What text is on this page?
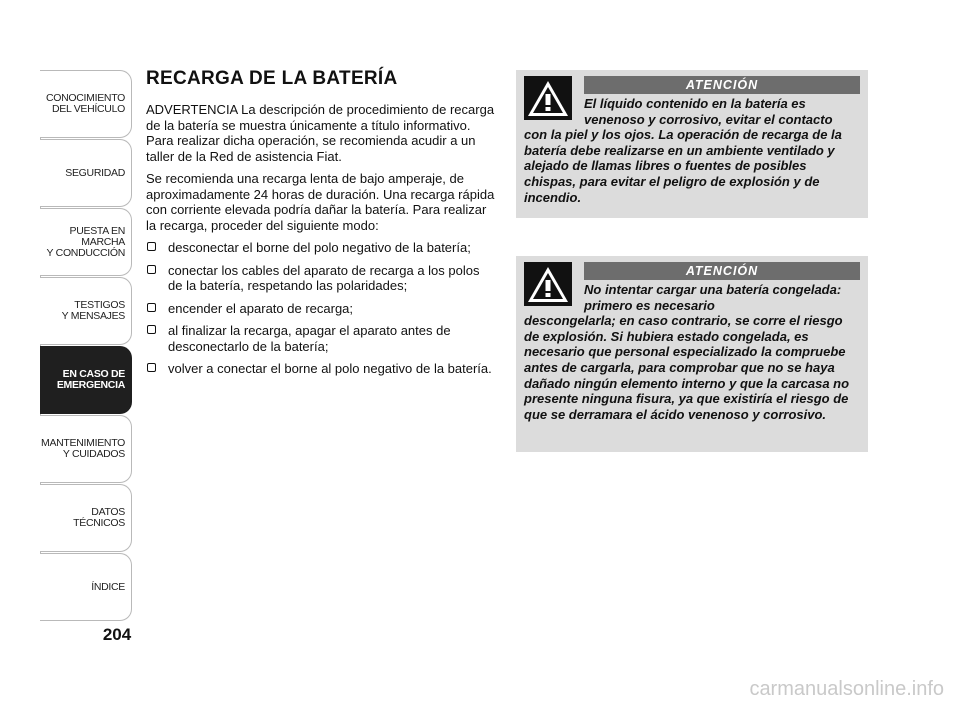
CONOCIMIENTO
DEL VEHÍCULO
SEGURIDAD
PUESTA EN
MARCHA
Y CONDUCCIÓN
TESTIGOS
Y MENSAJES
EN CASO DE
EMERGENCIA
MANTENIMIENTO
Y CUIDADOS
DATOS
TÉCNICOS
ÍNDICE
204
RECARGA DE LA BATERÍA

ADVERTENCIA La descripción de procedimiento de recarga de la batería se muestra únicamente a título informativo. Para realizar dicha operación, se recomienda acudir a un taller de la Red de asistencia Fiat.

Se recomienda una recarga lenta de bajo amperaje, de aproximadamente 24 horas de duración. Una recarga rápida con corriente elevada podría dañar la batería. Para realizar la recarga, proceder del siguiente modo:

desconectar el borne del polo negativo de la batería;
conectar los cables del aparato de recarga a los polos de la batería, respetando las polaridades;
encender el aparato de recarga;
al finalizar la recarga, apagar el aparato antes de desconectarlo de la batería;
volver a conectar el borne al polo negativo de la batería.
ATENCIÓN
El líquido contenido en la batería es venenoso y corrosivo, evitar el contacto
con la piel y los ojos. La operación de recarga de la batería debe realizarse en un ambiente ventilado y alejado de llamas libres o fuentes de posibles chispas, para evitar el peligro de explosión y de incendio.
ATENCIÓN
No intentar cargar una batería congelada: primero es necesario
descongelarla; en caso contrario, se corre el riesgo de explosión. Si hubiera estado congelada, es necesario que personal especializado la compruebe antes de cargarla, para comprobar que no se haya dañado ningún elemento interno y que la carcasa no presente ninguna fisura, ya que existiría el riesgo de que se derramara el ácido venenoso y corrosivo.
carmanualsonline.info
